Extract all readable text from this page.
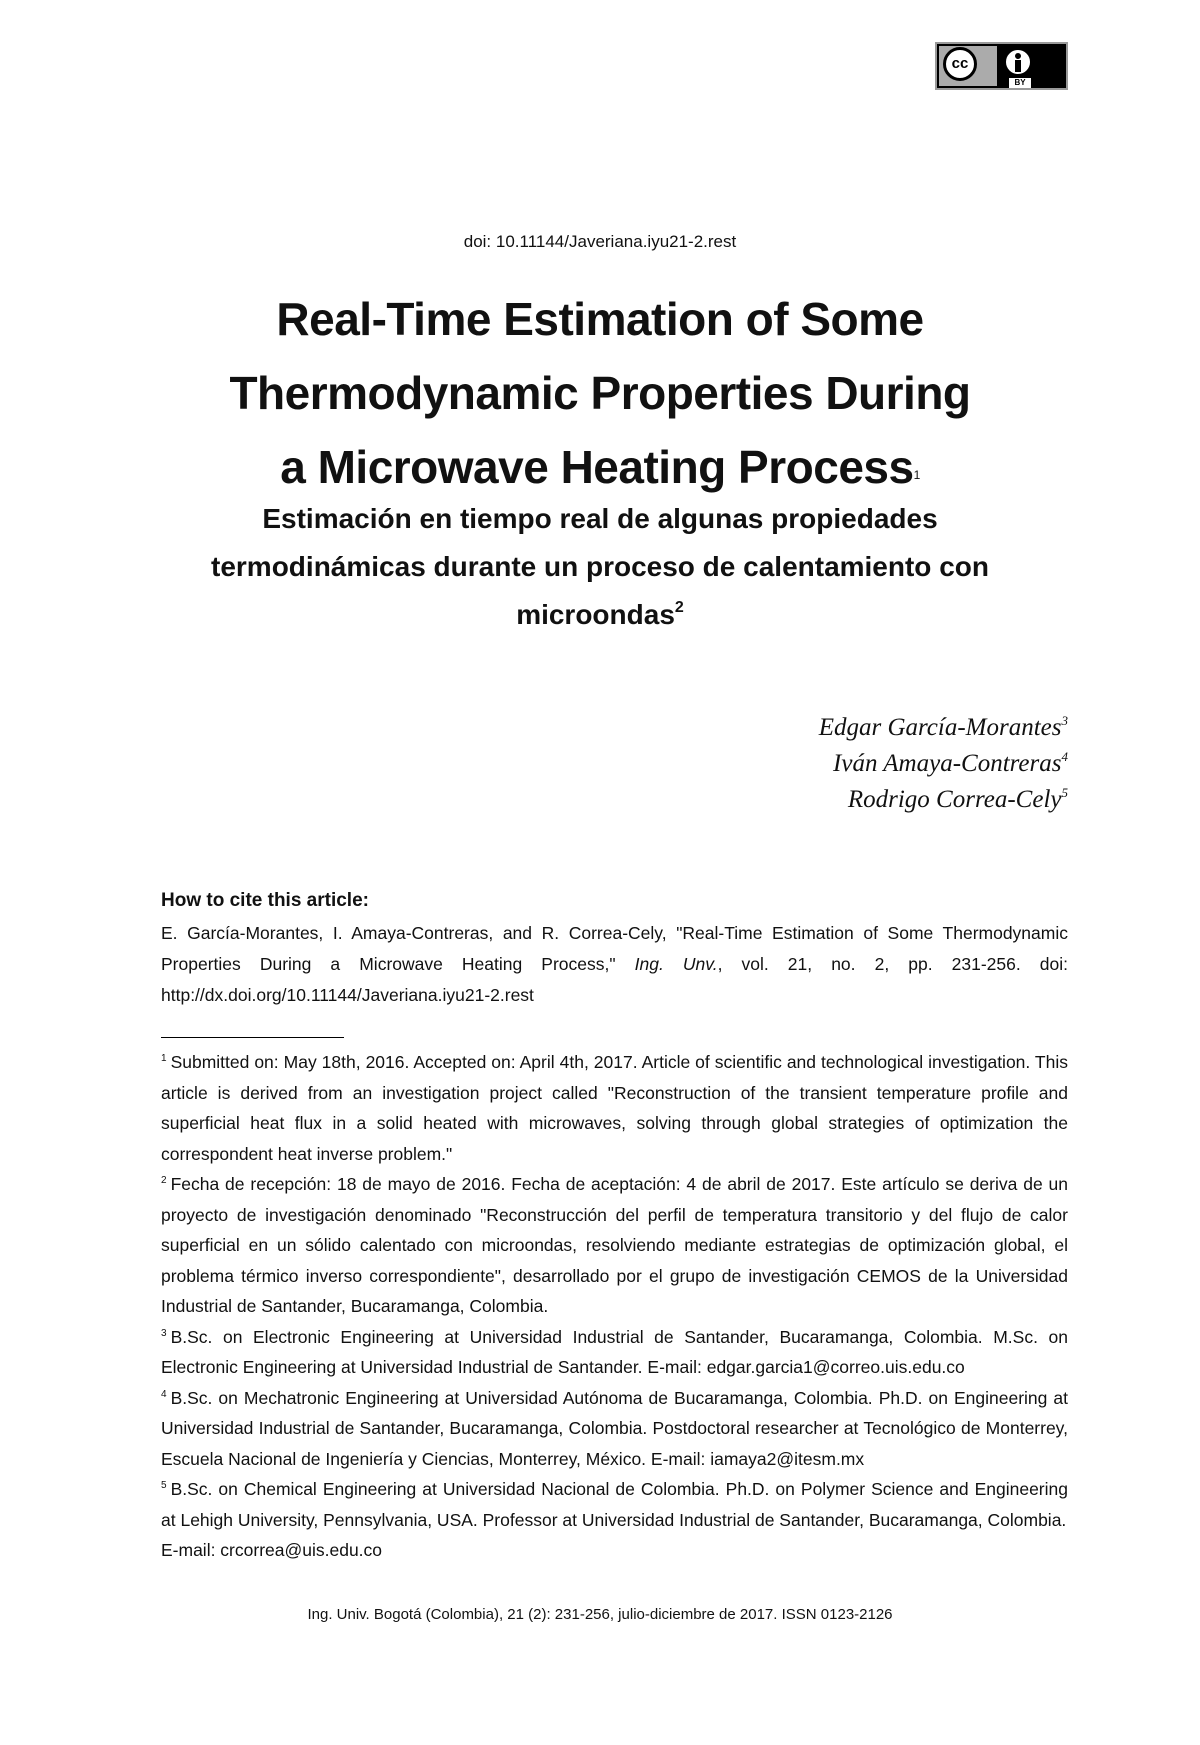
cc
BY
doi: 10.11144/Javeriana.iyu21-2.rest
Real-Time Estimation of Some
Thermodynamic Properties During
a Microwave Heating Process$^1$
Estimación en tiempo real de algunas propiedades
termodinámicas durante un proceso de calentamiento con
microondas$^2$
Edgar García-Morantes$^3$
Iván Amaya-Contreras$^4$
Rodrigo Correa-Cely$^5$
How to cite this article:

E. García-Morantes, I. Amaya-Contreras, and R. Correa-Cely, "Real-Time Estimation of Some Thermodynamic Properties During a Microwave Heating Process," Ing. Unv., vol. 21, no. 2, pp. 231-256. doi: http://dx.doi.org/10.11144/Javeriana.iyu21-2.rest

$^1$ Submitted on: May 18th, 2016. Accepted on: April 4th, 2017. Article of scientific and technological investigation. This article is derived from an investigation project called "Reconstruction of the transient temperature profile and superficial heat flux in a solid heated with microwaves, solving through global strategies of optimization the correspondent heat inverse problem."

$^2$ Fecha de recepción: 18 de mayo de 2016. Fecha de aceptación: 4 de abril de 2017. Este artículo se deriva de un proyecto de investigación denominado "Reconstrucción del perfil de temperatura transitorio y del flujo de calor superficial en un sólido calentado con microondas, resolviendo mediante estrategias de optimización global, el problema térmico inverso correspondiente", desarrollado por el grupo de investigación CEMOS de la Universidad Industrial de Santander, Bucaramanga, Colombia.

$^3$ B.Sc. on Electronic Engineering at Universidad Industrial de Santander, Bucaramanga, Colombia. M.Sc. on Electronic Engineering at Universidad Industrial de Santander. E-mail: edgar.garcia1@correo.uis.edu.co

$^4$ B.Sc. on Mechatronic Engineering at Universidad Autónoma de Bucaramanga, Colombia. Ph.D. on Engineering at Universidad Industrial de Santander, Bucaramanga, Colombia. Postdoctoral researcher at Tecnológico de Monterrey, Escuela Nacional de Ingeniería y Ciencias, Monterrey, México. E-mail: iamaya2@itesm.mx

$^5$ B.Sc. on Chemical Engineering at Universidad Nacional de Colombia. Ph.D. on Polymer Science and Engineering at Lehigh University, Pennsylvania, USA. Professor at Universidad Industrial de Santander, Bucaramanga, Colombia.

E-mail: crcorrea@uis.edu.co

Ing. Univ. Bogotá (Colombia), 21 (2): 231-256, julio-diciembre de 2017. ISSN 0123-2126
